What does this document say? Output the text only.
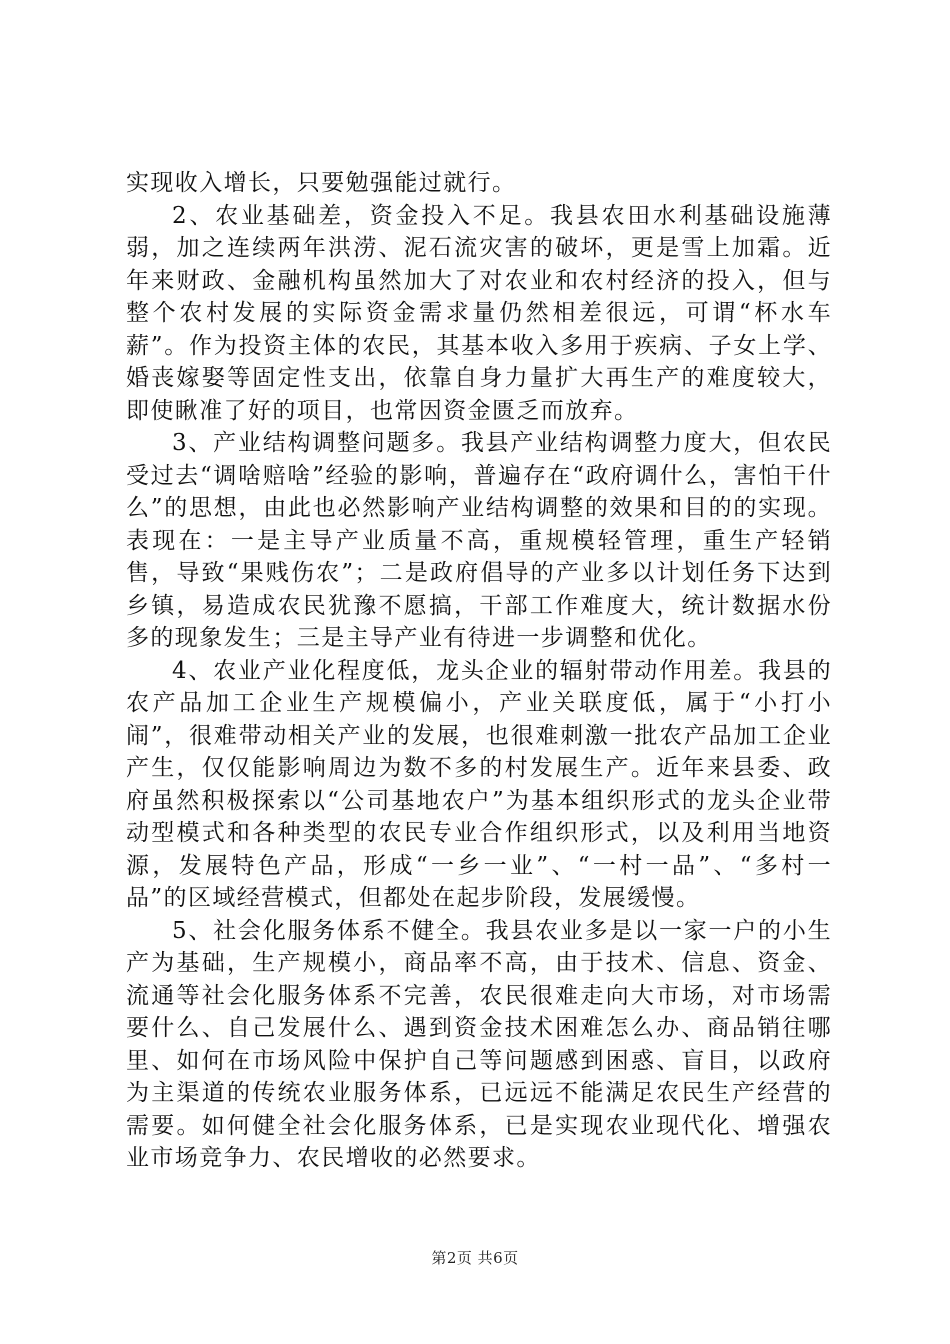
实现收入增长，只要勉强能过就行。

2、农业基础差，资金投入不足。我县农田水利基础设施薄弱，加之连续两年洪涝、泥石流灾害的破坏，更是雪上加霜。近年来财政、金融机构虽然加大了对农业和农村经济的投入，但与整个农村发展的实际资金需求量仍然相差很远，可谓“杯水车薪”。作为投资主体的农民，其基本收入多用于疾病、子女上学、婚丧嫁娶等固定性支出，依靠自身力量扩大再生产的难度较大，即使瞅准了好的项目，也常因资金匮乏而放弃。

3、产业结构调整问题多。我县产业结构调整力度大，但农民受过去“调啥赔啥”经验的影响，普遍存在“政府调什么，害怕干什么”的思想，由此也必然影响产业结构调整的效果和目的的实现。表现在：一是主导产业质量不高，重规模轻管理，重生产轻销售，导致“果贱伤农”；二是政府倡导的产业多以计划任务下达到乡镇，易造成农民犹豫不愿搞，干部工作难度大，统计数据水份多的现象发生；三是主导产业有待进一步调整和优化。

4、农业产业化程度低，龙头企业的辐射带动作用差。我县的农产品加工企业生产规模偏小，产业关联度低，属于“小打小闹”，很难带动相关产业的发展，也很难刺激一批农产品加工企业产生，仅仅能影响周边为数不多的村发展生产。近年来县委、政府虽然积极探索以“公司基地农户”为基本组织形式的龙头企业带动型模式和各种类型的农民专业合作组织形式，以及利用当地资源，发展特色产品，形成“一乡一业”、“一村一品”、“多村一品”的区域经营模式，但都处在起步阶段，发展缓慢。

5、社会化服务体系不健全。我县农业多是以一家一户的小生产为基础，生产规模小，商品率不高，由于技术、信息、资金、流通等社会化服务体系不完善，农民很难走向大市场，对市场需要什么、自己发展什么、遇到资金技术困难怎么办、商品销往哪里、如何在市场风险中保护自己等问题感到困惑、盲目，以政府为主渠道的传统农业服务体系，已远远不能满足农民生产经营的需要。如何健全社会化服务体系，已是实现农业现代化、增强农业市场竞争力、农民增收的必然要求。

第2页 共6页
